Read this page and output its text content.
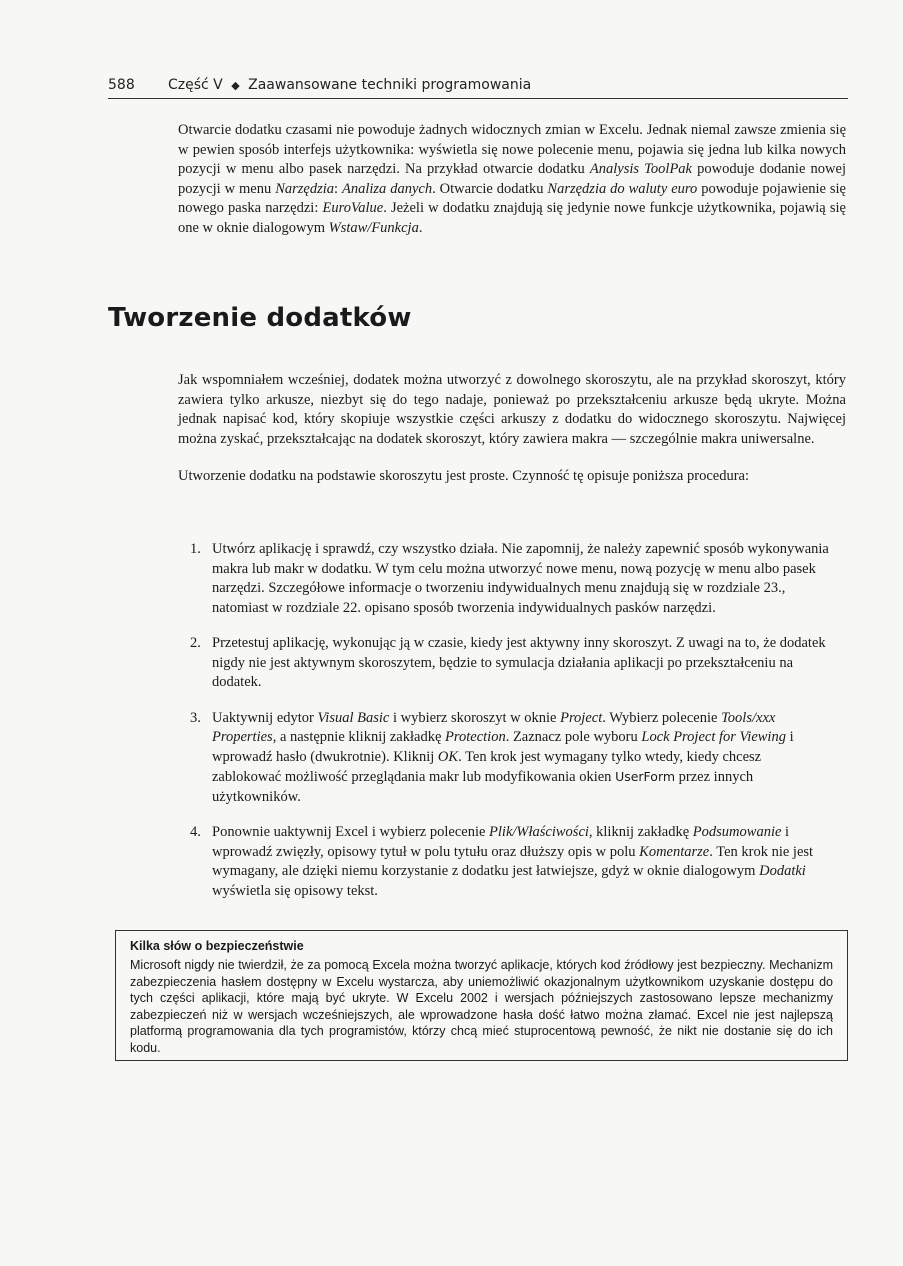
588 Część V ◆ Zaawansowane techniki programowania

Otwarcie dodatku czasami nie powoduje żadnych widocznych zmian w Excelu. Jednak niemal zawsze zmienia się w pewien sposób interfejs użytkownika: wyświetla się nowe polecenie menu, pojawia się jedna lub kilka nowych pozycji w menu albo pasek narzędzi. Na przykład otwarcie dodatku Analysis ToolPak powoduje dodanie nowej pozycji w menu Narzędzia: Analiza danych. Otwarcie dodatku Narzędzia do waluty euro powoduje pojawienie się nowego paska narzędzi: EuroValue. Jeżeli w dodatku znajdują się jedynie nowe funkcje użytkownika, pojawią się one w oknie dialogowym Wstaw/Funkcja.

Tworzenie dodatków

Jak wspomniałem wcześniej, dodatek można utworzyć z dowolnego skoroszytu, ale na przykład skoroszyt, który zawiera tylko arkusze, niezbyt się do tego nadaje, ponieważ po przekształceniu arkusze będą ukryte. Można jednak napisać kod, który skopiuje wszystkie części arkuszy z dodatku do widocznego skoroszytu. Najwięcej można zyskać, przekształcając na dodatek skoroszyt, który zawiera makra — szczególnie makra uniwersalne.

Utworzenie dodatku na podstawie skoroszytu jest proste. Czynność tę opisuje poniższa procedura:

1. Utwórz aplikację i sprawdź, czy wszystko działa. Nie zapomnij, że należy zapewnić sposób wykonywania makra lub makr w dodatku. W tym celu można utworzyć nowe menu, nową pozycję w menu albo pasek narzędzi. Szczegółowe informacje o tworzeniu indywidualnych menu znajdują się w rozdziale 23., natomiast w rozdziale 22. opisano sposób tworzenia indywidualnych pasków narzędzi.
2. Przetestuj aplikację, wykonując ją w czasie, kiedy jest aktywny inny skoroszyt. Z uwagi na to, że dodatek nigdy nie jest aktywnym skoroszytem, będzie to symulacja działania aplikacji po przekształceniu na dodatek.
3. Uaktywnij edytor Visual Basic i wybierz skoroszyt w oknie Project. Wybierz polecenie Tools/xxx Properties, a następnie kliknij zakładkę Protection. Zaznacz pole wyboru Lock Project for Viewing i wprowadź hasło (dwukrotnie). Kliknij OK. Ten krok jest wymagany tylko wtedy, kiedy chcesz zablokować możliwość przeglądania makr lub modyfikowania okien UserForm przez innych użytkowników.
4. Ponownie uaktywnij Excel i wybierz polecenie Plik/Właściwości, kliknij zakładkę Podsumowanie i wprowadź zwięzły, opisowy tytuł w polu tytułu oraz dłuższy opis w polu Komentarze. Ten krok nie jest wymagany, ale dzięki niemu korzystanie z dodatku jest łatwiejsze, gdyż w oknie dialogowym Dodatki wyświetla się opisowy tekst.

Kilka słów o bezpieczeństwie

Microsoft nigdy nie twierdził, że za pomocą Excela można tworzyć aplikacje, których kod źródłowy jest bezpieczny. Mechanizm zabezpieczenia hasłem dostępny w Excelu wystarcza, aby uniemożliwić okazjonalnym użytkownikom uzyskanie dostępu do tych części aplikacji, które mają być ukryte. W Excelu 2002 i wersjach późniejszych zastosowano lepsze mechanizmy zabezpieczeń niż w wersjach wcześniejszych, ale wprowadzone hasła dość łatwo można złamać. Excel nie jest najlepszą platformą programowania dla tych programistów, którzy chcą mieć stuprocentową pewność, że nikt nie dostanie się do ich kodu.
